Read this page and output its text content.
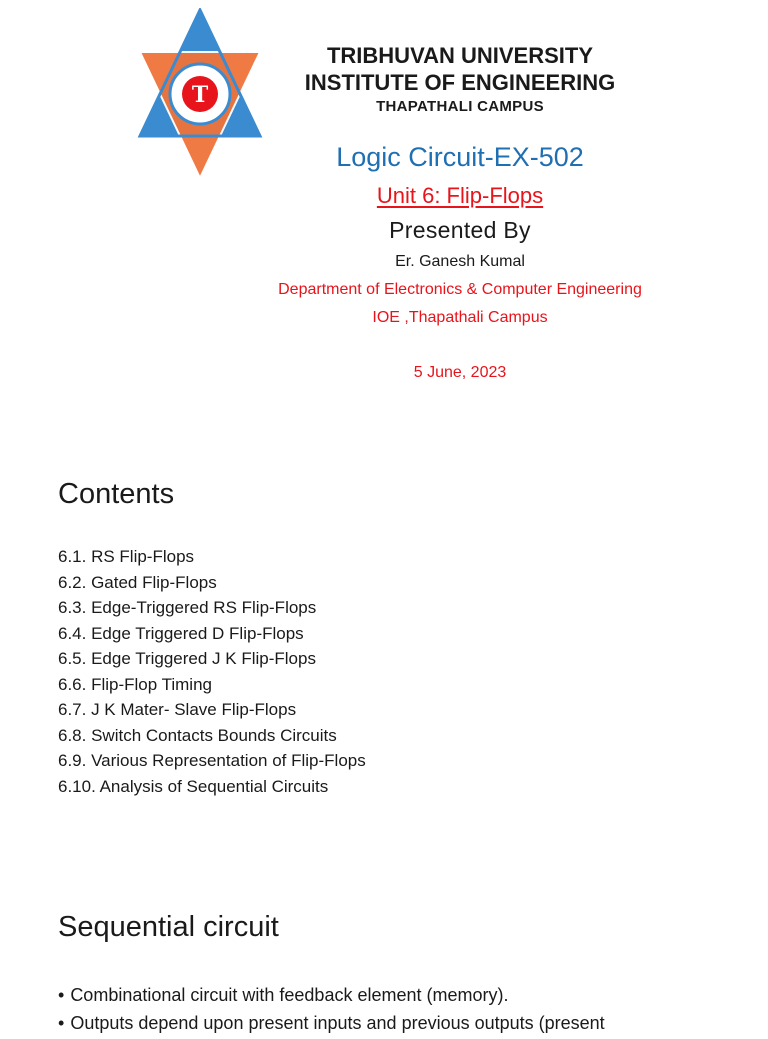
T
TRIBHUVAN UNIVERSITY
INSTITUTE OF ENGINEERING
THAPATHALI CAMPUS
Logic Circuit-EX-502
Unit 6: Flip-Flops
Presented By
Er. Ganesh Kumal
Department of Electronics & Computer Engineering
IOE ,Thapathali Campus
5 June, 2023
Contents
6.1. RS Flip-Flops
6.2. Gated Flip-Flops
6.3. Edge-Triggered RS Flip-Flops
6.4. Edge Triggered D Flip-Flops
6.5. Edge Triggered J K Flip-Flops
6.6. Flip-Flop Timing
6.7. J K Mater- Slave Flip-Flops
6.8. Switch Contacts Bounds Circuits
6.9. Various Representation of Flip-Flops
6.10. Analysis of Sequential Circuits
Sequential circuit
• Combinational circuit with feedback element (memory).
• Outputs depend upon present inputs and previous outputs (present
